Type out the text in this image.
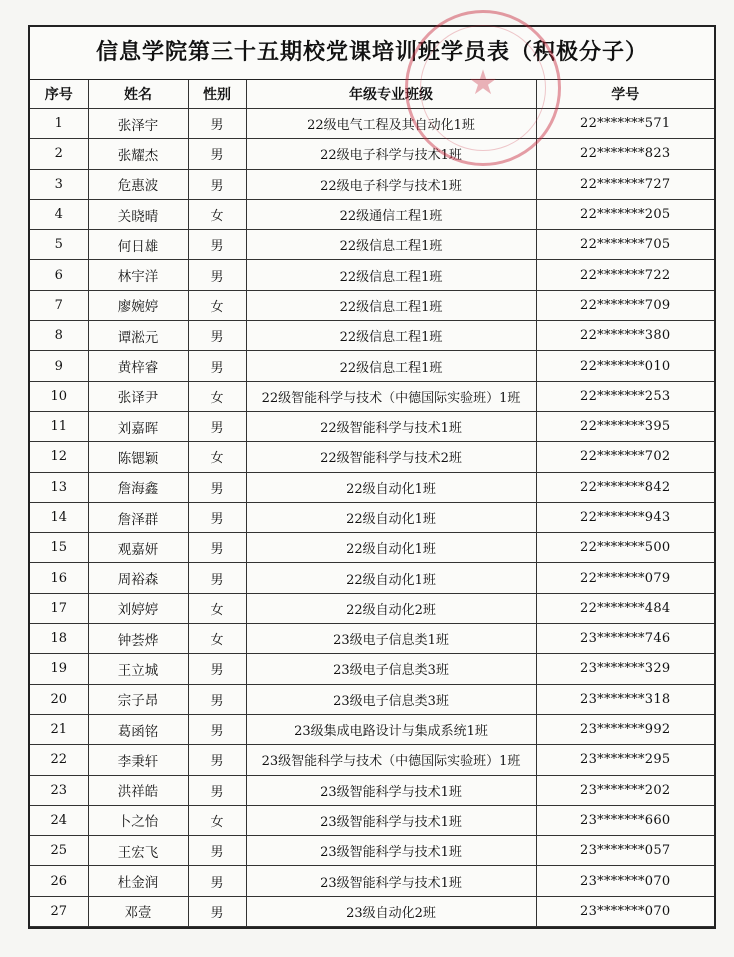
信息学院第三十五期校党课培训班学员表（积极分子）
序号	姓名	性别	年级专业班级	学号
1	张泽宇	男	22级电气工程及其自动化1班	22*******571
2	张耀杰	男	22级电子科学与技术1班	22*******823
3	危惠波	男	22级电子科学与技术1班	22*******727
4	关晓晴	女	22级通信工程1班	22*******205
5	何日雄	男	22级信息工程1班	22*******705
6	林宇洋	男	22级信息工程1班	22*******722
7	廖婉婷	女	22级信息工程1班	22*******709
8	谭淞元	男	22级信息工程1班	22*******380
9	黄梓睿	男	22级信息工程1班	22*******010
10	张译尹	女	22级智能科学与技术（中德国际实验班）1班	22*******253
11	刘嘉晖	男	22级智能科学与技术1班	22*******395
12	陈锶颖	女	22级智能科学与技术2班	22*******702
13	詹海鑫	男	22级自动化1班	22*******842
14	詹泽群	男	22级自动化1班	22*******943
15	观嘉妍	男	22级自动化1班	22*******500
16	周裕森	男	22级自动化1班	22*******079
17	刘婷婷	女	22级自动化2班	22*******484
18	钟荟烨	女	23级电子信息类1班	23*******746
19	王立城	男	23级电子信息类3班	23*******329
20	宗子昂	男	23级电子信息类3班	23*******318
21	葛函铭	男	23级集成电路设计与集成系统1班	23*******992
22	李秉轩	男	23级智能科学与技术（中德国际实验班）1班	23*******295
23	洪祥皓	男	23级智能科学与技术1班	23*******202
24	卜之怡	女	23级智能科学与技术1班	23*******660
25	王宏飞	男	23级智能科学与技术1班	23*******057
26	杜金润	男	23级智能科学与技术1班	23*******070
27	邓壹	男	23级自动化2班	23*******070
★
